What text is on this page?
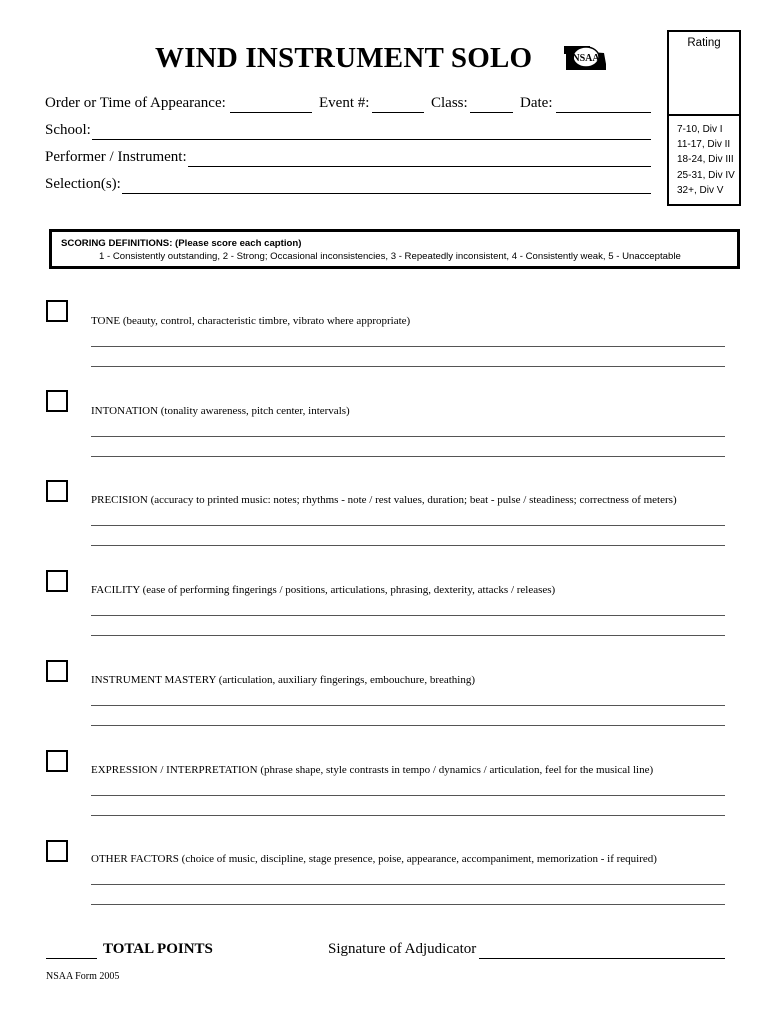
WIND INSTRUMENT SOLO	NSAA
Rating
7-10, Div I
11-17, Div II
18-24, Div III
25-31, Div IV
32+, Div V
Order or Time of Appearance:	Event #:	Class:	Date:
School:
Performer / Instrument:
Selection(s):
SCORING DEFINITIONS: (Please score each caption)
1 - Consistently outstanding, 2 - Strong; Occasional inconsistencies, 3 - Repeatedly inconsistent, 4 - Consistently weak, 5 - Unacceptable
TONE (beauty, control, characteristic timbre, vibrato where appropriate)
INTONATION (tonality awareness, pitch center, intervals)
PRECISION (accuracy to printed music: notes; rhythms - note / rest values, duration; beat - pulse / steadiness; correctness of meters)
FACILITY (ease of performing fingerings / positions, articulations, phrasing, dexterity, attacks / releases)
INSTRUMENT MASTERY (articulation, auxiliary fingerings, embouchure, breathing)
EXPRESSION / INTERPRETATION (phrase shape, style contrasts in tempo / dynamics / articulation, feel for the musical line)
OTHER FACTORS (choice of music, discipline, stage presence, poise, appearance, accompaniment, memorization - if required)
TOTAL POINTS	Signature of Adjudicator
NSAA Form 2005
